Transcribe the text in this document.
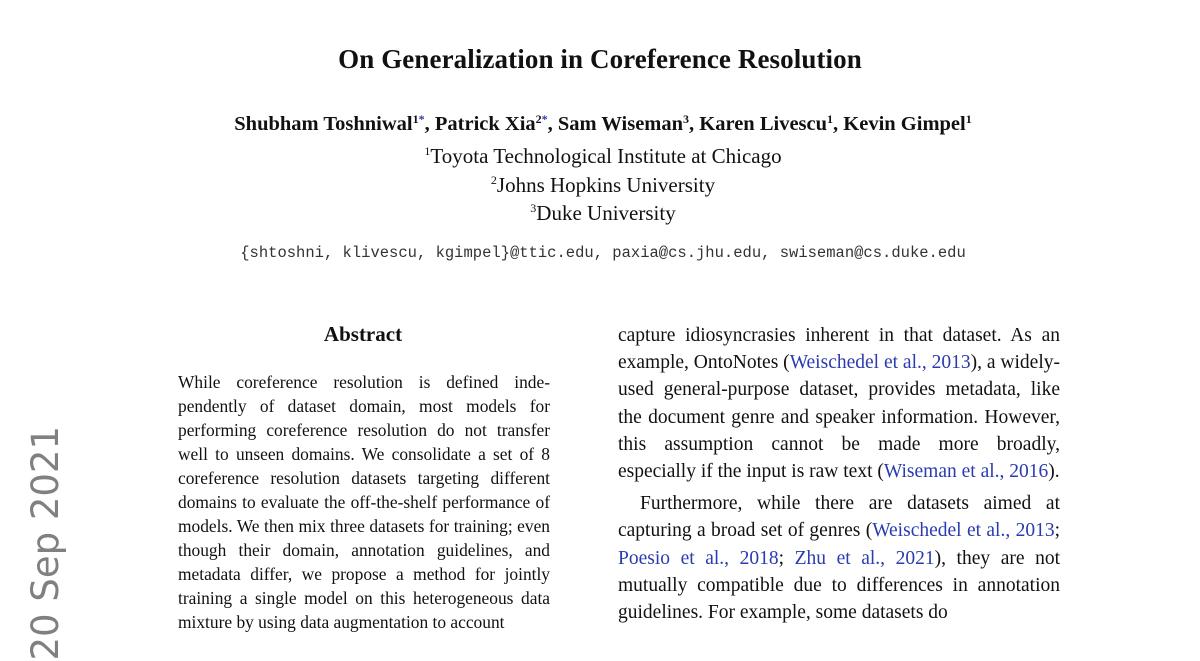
On Generalization in Coreference Resolution
Shubham Toshniwal$^{1*}$, Patrick Xia$^{2*}$, Sam Wiseman$^3$, Karen Livescu$^1$, Kevin Gimpel$^1$
$^1$Toyota Technological Institute at Chicago
$^2$Johns Hopkins University
$^3$Duke University
{shtoshni, klivescu, kgimpel}@ttic.edu, paxia@cs.jhu.edu, swiseman@cs.duke.edu
20 Sep 2021
Abstract
While coreference resolution is defined independently of dataset domain, most models for performing coreference resolution do not transfer well to unseen domains. We consolidate a set of 8 coreference resolution datasets targeting different domains to evaluate the off-the-shelf performance of models. We then mix three datasets for training; even though their domain, annotation guidelines, and metadata differ, we propose a method for jointly training a single model on this heterogeneous data mixture by using data augmentation to account

capture idiosyncrasies inherent in that dataset. As an example, OntoNotes (Weischedel et al., 2013), a widely-used general-purpose dataset, provides metadata, like the document genre and speaker information. However, this assumption cannot be made more broadly, especially if the input is raw text (Wiseman et al., 2016).

Furthermore, while there are datasets aimed at capturing a broad set of genres (Weischedel et al., 2013; Poesio et al., 2018; Zhu et al., 2021), they are not mutually compatible due to differences in annotation guidelines. For example, some datasets do
